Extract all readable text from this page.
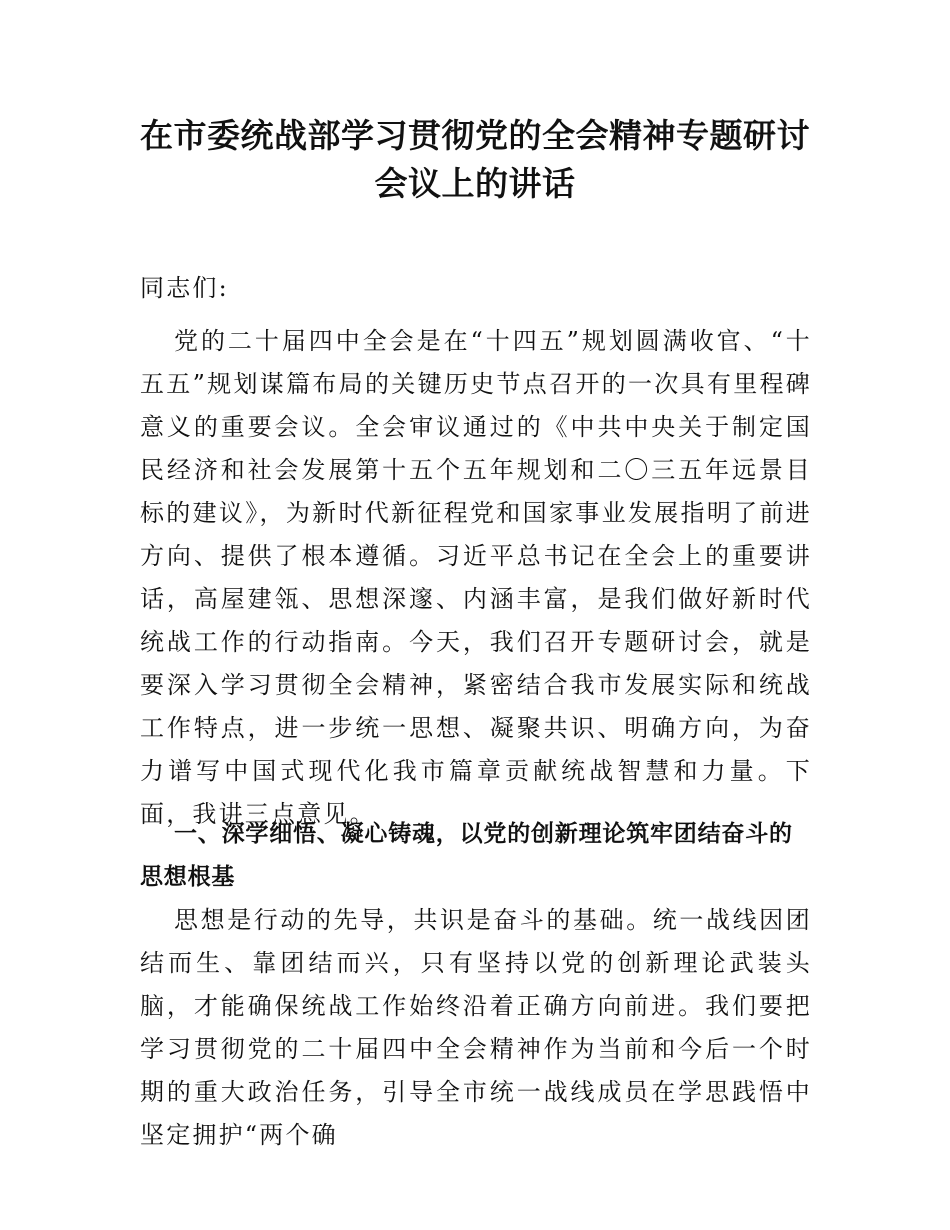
在市委统战部学习贯彻党的全会精神专题研讨会议上的讲话

同志们:

党的二十届四中全会是在“十四五”规划圆满收官、“十五五”规划谋篇布局的关键历史节点召开的一次具有里程碑意义的重要会议。全会审议通过的《中共中央关于制定国民经济和社会发展第十五个五年规划和二〇三五年远景目标的建议》，为新时代新征程党和国家事业发展指明了前进方向、提供了根本遵循。习近平总书记在全会上的重要讲话，高屋建瓴、思想深邃、内涵丰富，是我们做好新时代统战工作的行动指南。今天，我们召开专题研讨会，就是要深入学习贯彻全会精神，紧密结合我市发展实际和统战工作特点，进一步统一思想、凝聚共识、明确方向，为奋力谱写中国式现代化我市篇章贡献统战智慧和力量。下面，我讲三点意见。

一、深学细悟、凝心铸魂，以党的创新理论筑牢团结奋斗的思想根基

思想是行动的先导，共识是奋斗的基础。统一战线因团结而生、靠团结而兴，只有坚持以党的创新理论武装头脑，才能确保统战工作始终沿着正确方向前进。我们要把学习贯彻党的二十届四中全会精神作为当前和今后一个时期的重大政治任务，引导全市统一战线成员在学思践悟中坚定拥护“两个确
